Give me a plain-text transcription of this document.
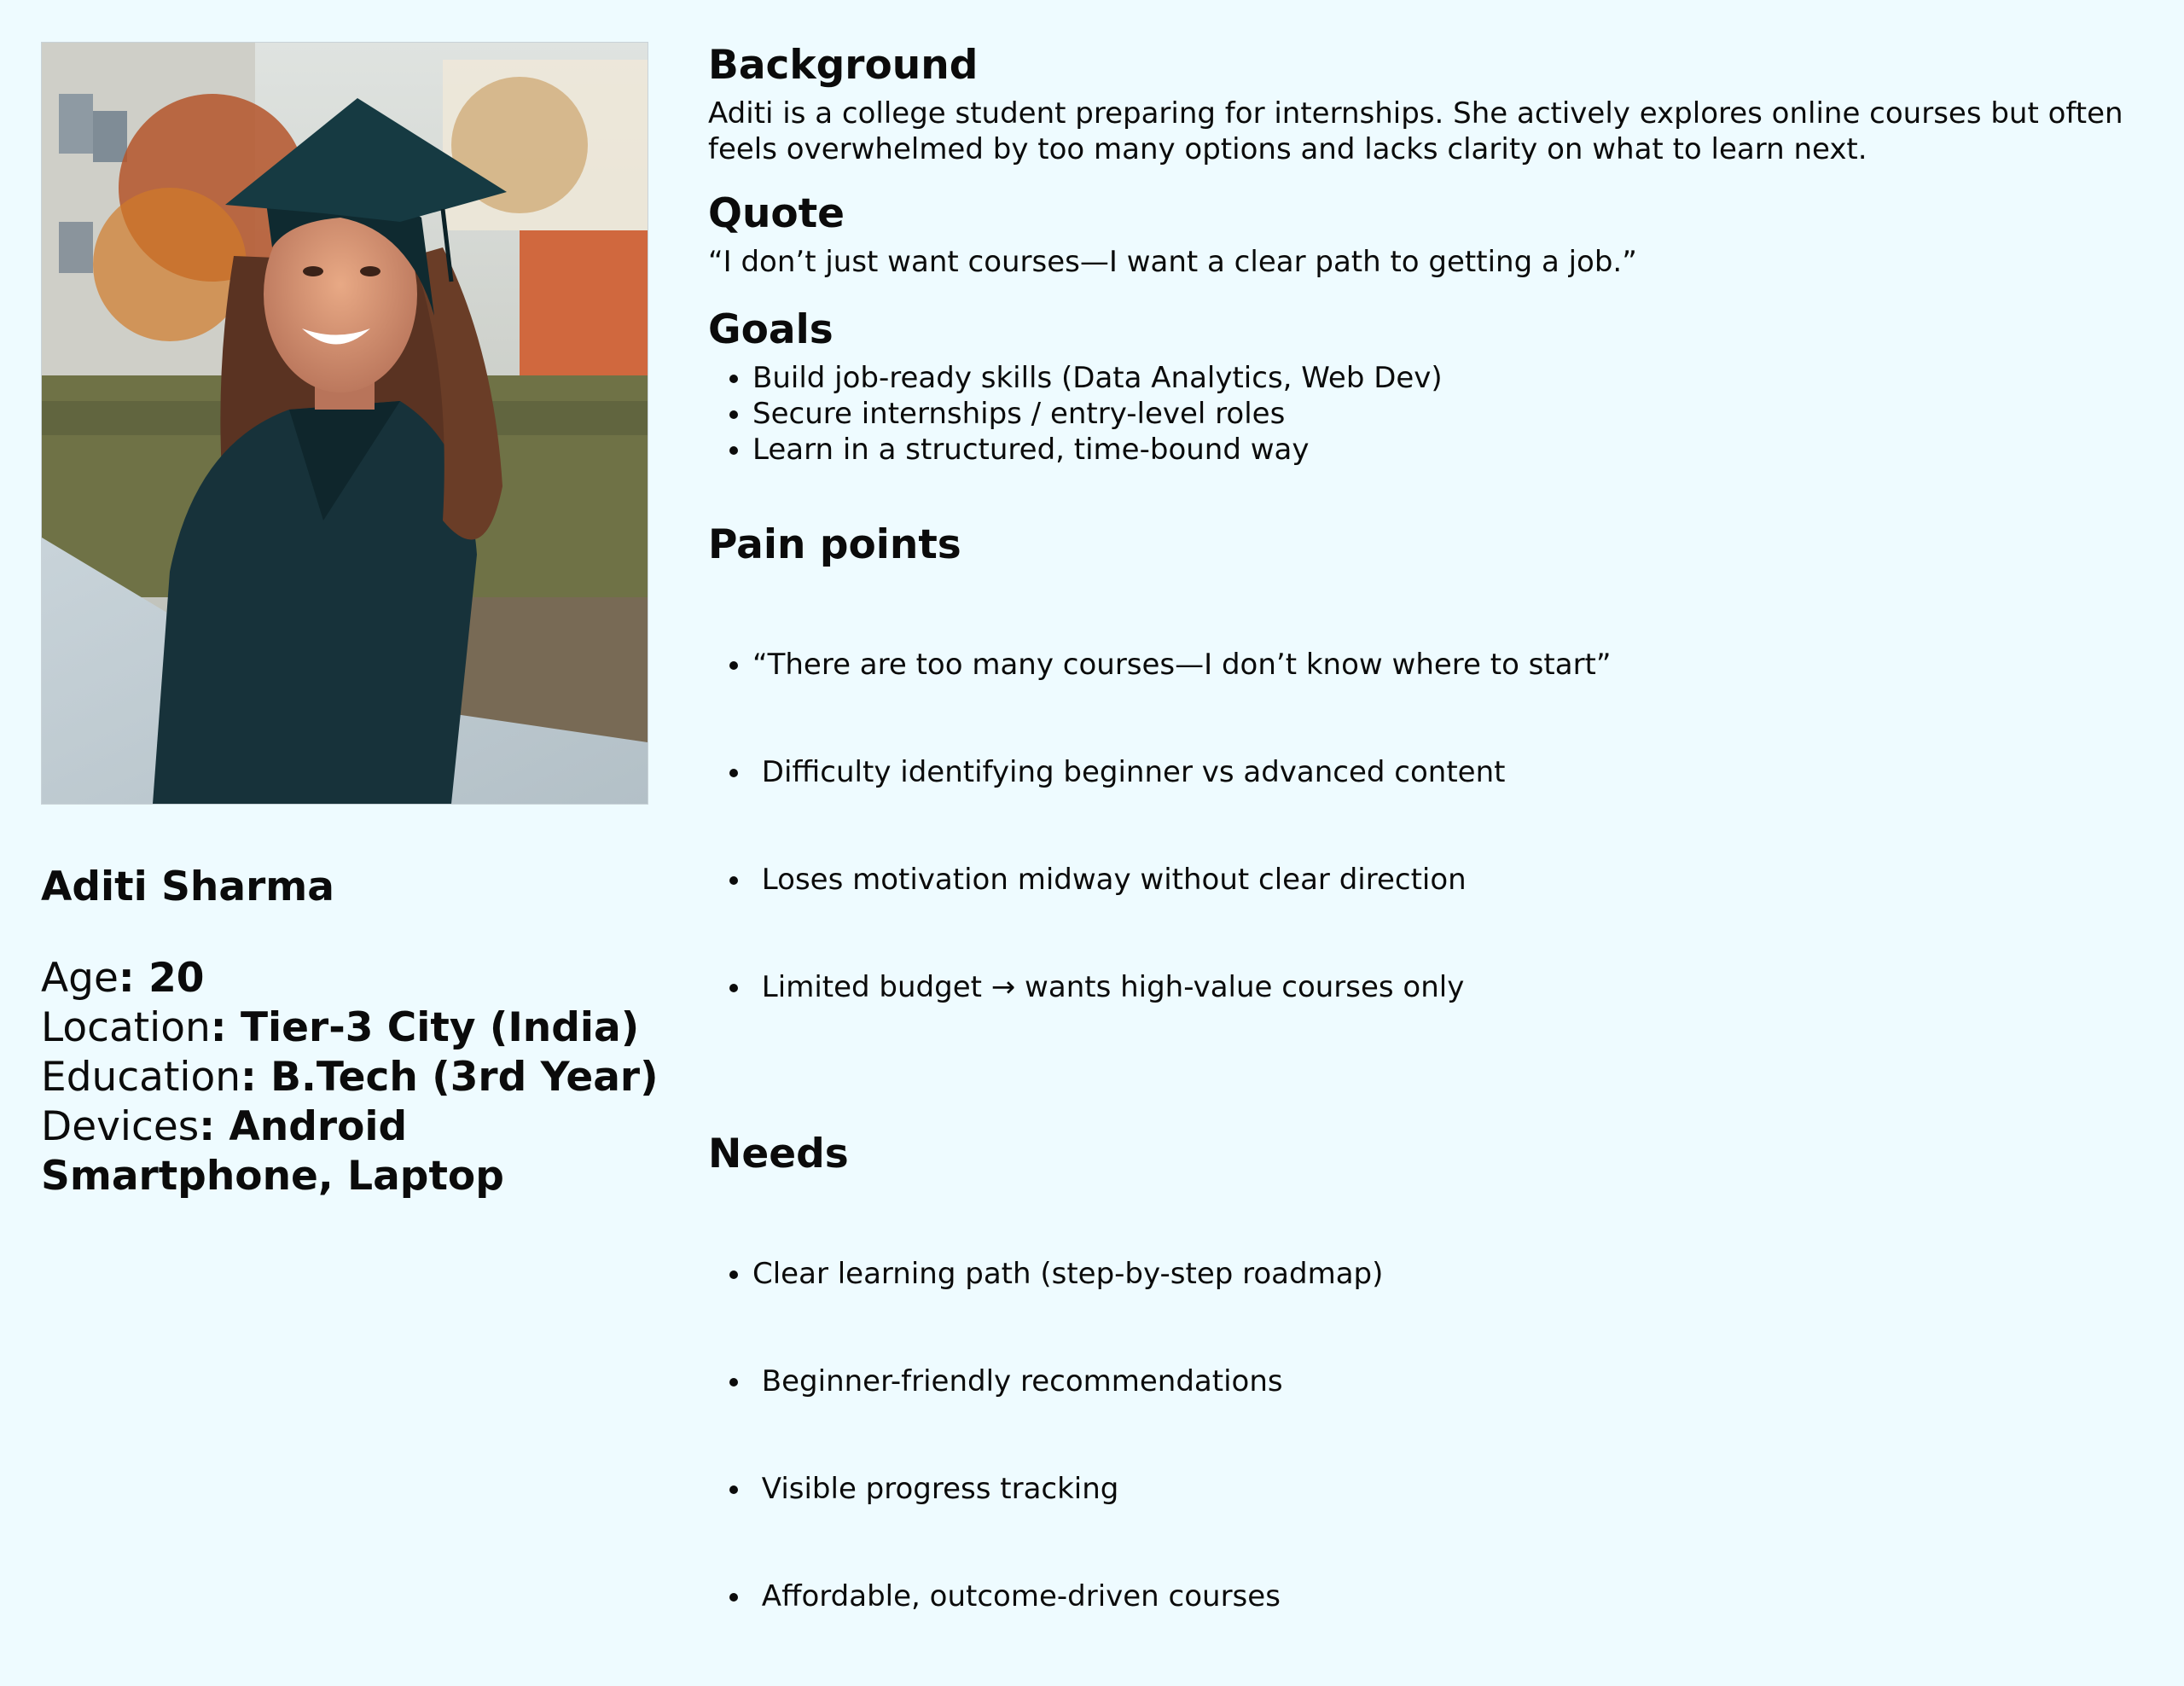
Aditi Sharma
Age: 20
Location: Tier-3 City (India)
Education: B.Tech (3rd Year)
Devices: Android Smartphone, Laptop
Background

Aditi is a college student preparing for internships. She actively explores online courses but often feels overwhelmed by too many options and lacks clarity on what to learn next.

Quote

“I don’t just want courses—I want a clear path to getting a job.”

Goals
• Build job-ready skills (Data Analytics, Web Dev)
• Secure internships / entry-level roles
• Learn in a structured, time-bound way
Pain points

• “There are too many courses—I don’t know where to start”

•  Difficulty identifying beginner vs advanced content

•  Loses motivation midway without clear direction

•  Limited budget → wants high-value courses only

Needs

• Clear learning path (step-by-step roadmap)

•  Beginner-friendly recommendations

•  Visible progress tracking

•  Affordable, outcome-driven courses
